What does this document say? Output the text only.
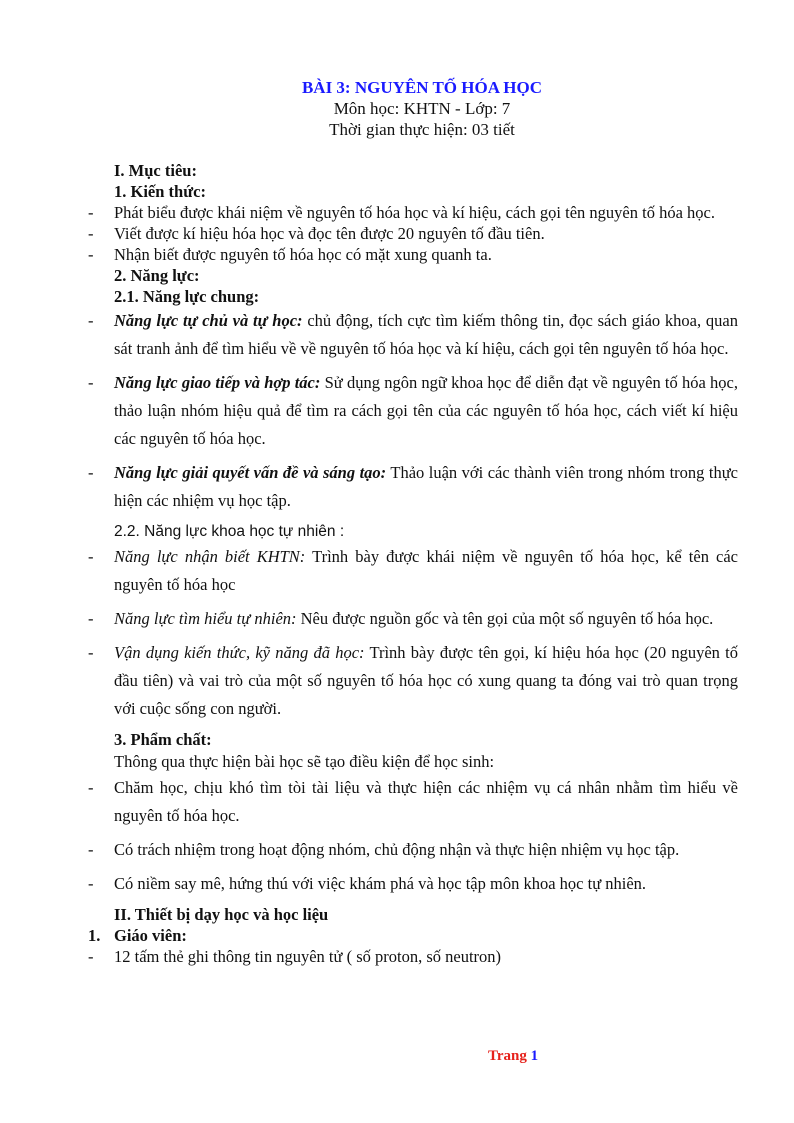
BÀI 3: NGUYÊN TỐ HÓA HỌC
Môn học: KHTN - Lớp: 7
Thời gian thực hiện: 03 tiết
I. Mục tiêu:
1. Kiến thức:
- Phát biểu được khái niệm về nguyên tố hóa học và kí hiệu, cách gọi tên nguyên tố hóa học.
- Viết được kí hiệu hóa học và đọc tên được 20 nguyên tố đầu tiên.
- Nhận biết được nguyên tố hóa học có mặt xung quanh ta.
2. Năng lực:
2.1. Năng lực chung:
- Năng lực tự chủ và tự học: chủ động, tích cực tìm kiếm thông tin, đọc sách giáo khoa, quan sát tranh ảnh để tìm hiểu về về nguyên tố hóa học và kí hiệu, cách gọi tên nguyên tố hóa học.
- Năng lực giao tiếp và hợp tác: Sử dụng ngôn ngữ khoa học để diễn đạt về nguyên tố hóa học, thảo luận nhóm hiệu quả để tìm ra cách gọi tên của các nguyên tố hóa học, cách viết kí hiệu các nguyên tố hóa học.
- Năng lực giải quyết vấn đề và sáng tạo: Thảo luận với các thành viên trong nhóm trong thực hiện các nhiệm vụ học tập.
2.2. Năng lực khoa học tự nhiên :
- Năng lực nhận biết KHTN: Trình bày được khái niệm về nguyên tố hóa học, kể tên các nguyên tố hóa học
- Năng lực tìm hiểu tự nhiên: Nêu được nguồn gốc và tên gọi của một số nguyên tố hóa học.
- Vận dụng kiến thức, kỹ năng đã học: Trình bày được tên gọi, kí hiệu hóa học (20 nguyên tố đầu tiên) và vai trò của một số nguyên tố hóa học có xung quang ta đóng vai trò quan trọng với cuộc sống con người.
3. Phẩm chất:
Thông qua thực hiện bài học sẽ tạo điều kiện để học sinh:
- Chăm học, chịu khó tìm tòi tài liệu và thực hiện các nhiệm vụ cá nhân nhằm tìm hiểu về nguyên tố hóa học.
- Có trách nhiệm trong hoạt động nhóm, chủ động nhận và thực hiện nhiệm vụ học tập.
- Có niềm say mê, hứng thú với việc khám phá và học tập môn khoa học tự nhiên.
II. Thiết bị dạy học và học liệu
1. Giáo viên:
- 12 tấm thẻ ghi thông tin nguyên tử ( số proton, số neutron)
Trang 1
